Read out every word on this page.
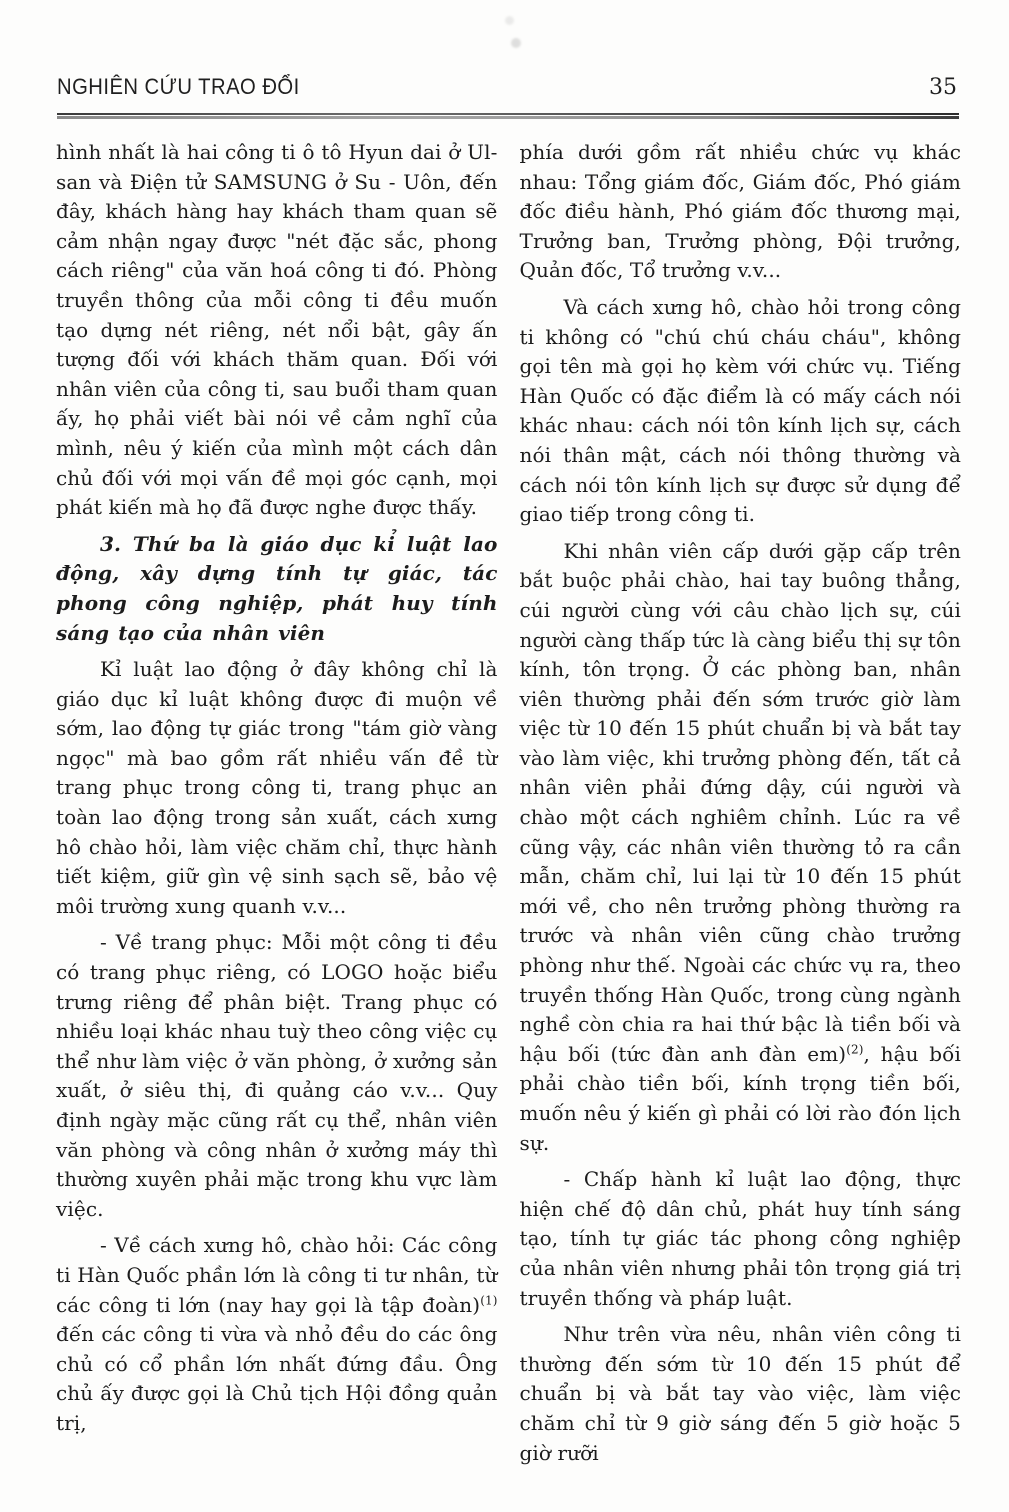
NGHIÊN CỨU TRAO ĐỔI	35

hình nhất là hai công ti ô tô Hyun dai ở Ul-san và Điện tử SAMSUNG ở Su - Uôn, đến đây, khách hàng hay khách tham quan sẽ cảm nhận ngay được "nét đặc sắc, phong cách riêng" của văn hoá công ti đó. Phòng truyền thông của mỗi công ti đều muốn tạo dựng nét riêng, nét nổi bật, gây ấn tượng đối với khách thăm quan. Đối với nhân viên của công ti, sau buổi tham quan ấy, họ phải viết bài nói về cảm nghĩ của mình, nêu ý kiến của mình một cách dân chủ đối với mọi vấn đề mọi góc cạnh, mọi phát kiến mà họ đã được nghe được thấy.

3. Thứ ba là giáo dục kỉ luật lao động, xây dựng tính tự giác, tác phong công nghiệp, phát huy tính sáng tạo của nhân viên

Kỉ luật lao động ở đây không chỉ là giáo dục kỉ luật không được đi muộn về sớm, lao động tự giác trong "tám giờ vàng ngọc" mà bao gồm rất nhiều vấn đề từ trang phục trong công ti, trang phục an toàn lao động trong sản xuất, cách xưng hô chào hỏi, làm việc chăm chỉ, thực hành tiết kiệm, giữ gìn vệ sinh sạch sẽ, bảo vệ môi trường xung quanh v.v...

- Về trang phục: Mỗi một công ti đều có trang phục riêng, có LOGO hoặc biểu trưng riêng để phân biệt. Trang phục có nhiều loại khác nhau tuỳ theo công việc cụ thể như làm việc ở văn phòng, ở xưởng sản xuất, ở siêu thị, đi quảng cáo v.v... Quy định ngày mặc cũng rất cụ thể, nhân viên văn phòng và công nhân ở xưởng máy thì thường xuyên phải mặc trong khu vực làm việc.

- Về cách xưng hô, chào hỏi: Các công ti Hàn Quốc phần lớn là công ti tư nhân, từ các công ti lớn (nay hay gọi là tập đoàn)$^{(1)}$ đến các công ti vừa và nhỏ đều do các ông chủ có cổ phần lớn nhất đứng đầu. Ông chủ ấy được gọi là Chủ tịch Hội đồng quản trị,

phía dưới gồm rất nhiều chức vụ khác nhau: Tổng giám đốc, Giám đốc, Phó giám đốc điều hành, Phó giám đốc thương mại, Trưởng ban, Trưởng phòng, Đội trưởng, Quản đốc, Tổ trưởng v.v...

Và cách xưng hô, chào hỏi trong công ti không có "chú chú cháu cháu", không gọi tên mà gọi họ kèm với chức vụ. Tiếng Hàn Quốc có đặc điểm là có mấy cách nói khác nhau: cách nói tôn kính lịch sự, cách nói thân mật, cách nói thông thường và cách nói tôn kính lịch sự được sử dụng để giao tiếp trong công ti.

Khi nhân viên cấp dưới gặp cấp trên bắt buộc phải chào, hai tay buông thẳng, cúi người cùng với câu chào lịch sự, cúi người càng thấp tức là càng biểu thị sự tôn kính, tôn trọng. Ở các phòng ban, nhân viên thường phải đến sớm trước giờ làm việc từ 10 đến 15 phút chuẩn bị và bắt tay vào làm việc, khi trưởng phòng đến, tất cả nhân viên phải đứng dậy, cúi người và chào một cách nghiêm chỉnh. Lúc ra về cũng vậy, các nhân viên thường tỏ ra cần mẫn, chăm chỉ, lui lại từ 10 đến 15 phút mới về, cho nên trưởng phòng thường ra trước và nhân viên cũng chào trưởng phòng như thế. Ngoài các chức vụ ra, theo truyền thống Hàn Quốc, trong cùng ngành nghề còn chia ra hai thứ bậc là tiền bối và hậu bối (tức đàn anh đàn em)$^{(2)}$, hậu bối phải chào tiền bối, kính trọng tiền bối, muốn nêu ý kiến gì phải có lời rào đón lịch sự.

- Chấp hành kỉ luật lao động, thực hiện chế độ dân chủ, phát huy tính sáng tạo, tính tự giác tác phong công nghiệp của nhân viên nhưng phải tôn trọng giá trị truyền thống và pháp luật.

Như trên vừa nêu, nhân viên công ti thường đến sớm từ 10 đến 15 phút để chuẩn bị và bắt tay vào việc, làm việc chăm chỉ từ 9 giờ sáng đến 5 giờ hoặc 5 giờ rưỡi
